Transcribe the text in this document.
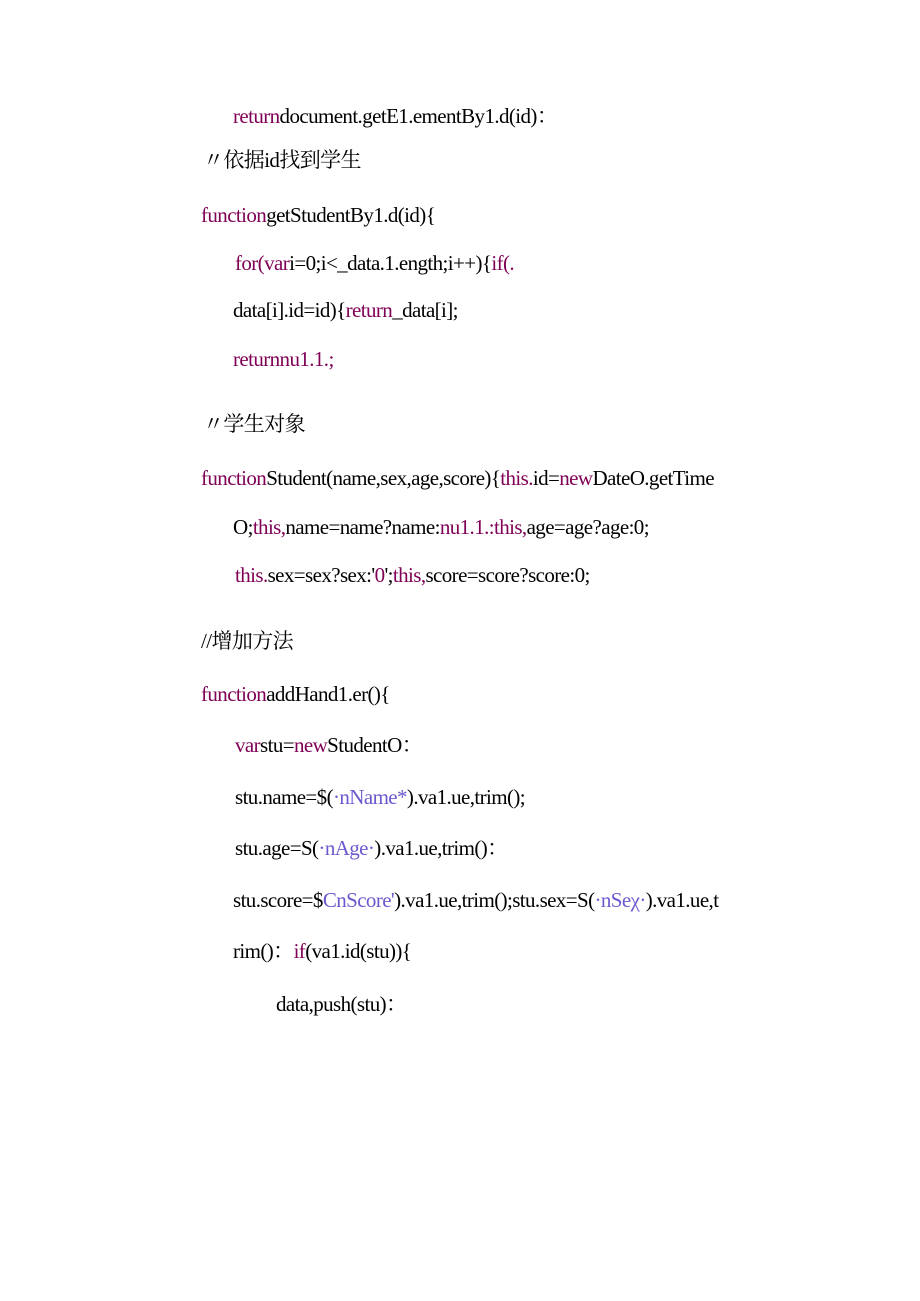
returndocument.getE1.ementBy1.d(id)：
〃依据id找到学生
functiongetStudentBy1.d(id){
for(vari=0;i<_data.1.ength;i++){if(.
data[i].id=id){return_data[i];
returnnu1.1.;
〃学生对象
functionStudent(name,sex,age,score){this.id=newDateO.getTime
O;this,name=name?name:nu1.1.:this,age=age?age:0;
this.sex=sex?sex:'0';this,score=score?score:0;
//增加方法
functionaddHand1.er(){
varstu=newStudentO：
stu.name=$(·nName*).va1.ue,trim();
stu.age=S(·nAge·).va1.ue,trim()：
stu.score=$CnScore').va1.ue,trim();stu.sex=S(·nSeχ·).va1.ue,t
rim()：if(va1.id(stu)){
data,push(stu)：
